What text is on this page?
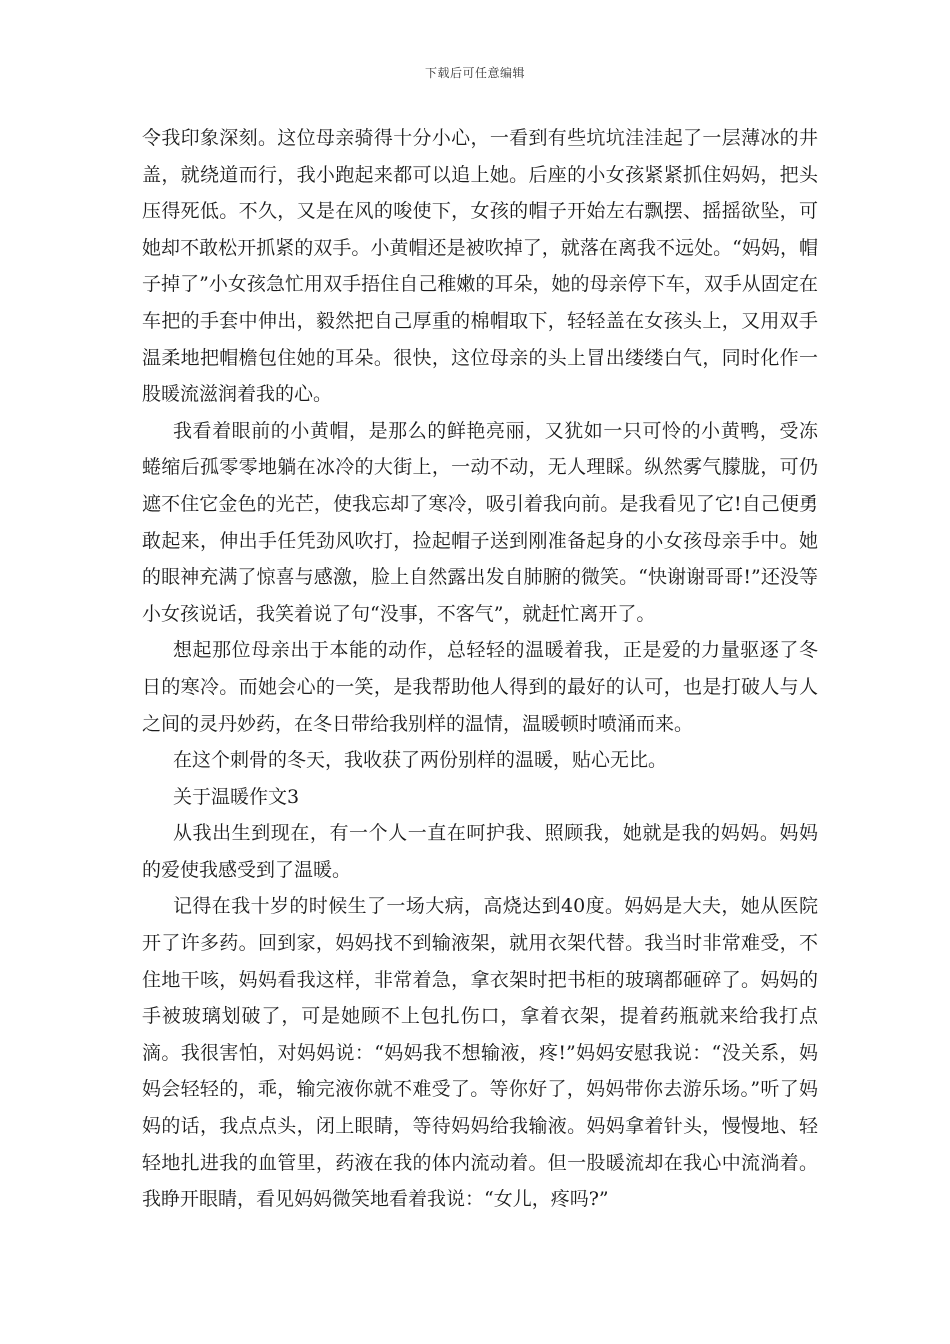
下载后可任意编辑

令我印象深刻。这位母亲骑得十分小心，一看到有些坑坑洼洼起了一层薄冰的井盖，就绕道而行，我小跑起来都可以追上她。后座的小女孩紧紧抓住妈妈，把头压得死低。不久，又是在风的唆使下，女孩的帽子开始左右飘摆、摇摇欲坠，可她却不敢松开抓紧的双手。小黄帽还是被吹掉了，就落在离我不远处。“妈妈，帽子掉了”小女孩急忙用双手捂住自己稚嫩的耳朵，她的母亲停下车，双手从固定在车把的手套中伸出，毅然把自己厚重的棉帽取下，轻轻盖在女孩头上，又用双手温柔地把帽檐包住她的耳朵。很快，这位母亲的头上冒出缕缕白气，同时化作一股暖流滋润着我的心。

我看着眼前的小黄帽，是那么的鲜艳亮丽，又犹如一只可怜的小黄鸭，受冻蜷缩后孤零零地躺在冰冷的大街上，一动不动，无人理睬。纵然雾气朦胧，可仍遮不住它金色的光芒，使我忘却了寒冷，吸引着我向前。是我看见了它!自己便勇敢起来，伸出手任凭劲风吹打，捡起帽子送到刚准备起身的小女孩母亲手中。她的眼神充满了惊喜与感激，脸上自然露出发自肺腑的微笑。“快谢谢哥哥!”还没等小女孩说话，我笑着说了句“没事，不客气”，就赶忙离开了。

想起那位母亲出于本能的动作，总轻轻的温暖着我，正是爱的力量驱逐了冬日的寒冷。而她会心的一笑，是我帮助他人得到的最好的认可，也是打破人与人之间的灵丹妙药，在冬日带给我别样的温情，温暖顿时喷涌而来。

在这个刺骨的冬天，我收获了两份别样的温暖，贴心无比。

关于温暖作文3

从我出生到现在，有一个人一直在呵护我、照顾我，她就是我的妈妈。妈妈的爱使我感受到了温暖。

记得在我十岁的时候生了一场大病，高烧达到40度。妈妈是大夫，她从医院开了许多药。回到家，妈妈找不到输液架，就用衣架代替。我当时非常难受，不住地干咳，妈妈看我这样，非常着急，拿衣架时把书柜的玻璃都砸碎了。妈妈的手被玻璃划破了，可是她顾不上包扎伤口，拿着衣架，提着药瓶就来给我打点滴。我很害怕，对妈妈说：“妈妈我不想输液，疼!”妈妈安慰我说：“没关系，妈妈会轻轻的，乖，输完液你就不难受了。等你好了，妈妈带你去游乐场。”听了妈妈的话，我点点头，闭上眼睛，等待妈妈给我输液。妈妈拿着针头，慢慢地、轻轻地扎进我的血管里，药液在我的体内流动着。但一股暖流却在我心中流淌着。我睁开眼睛，看见妈妈微笑地看着我说：“女儿，疼吗?”
